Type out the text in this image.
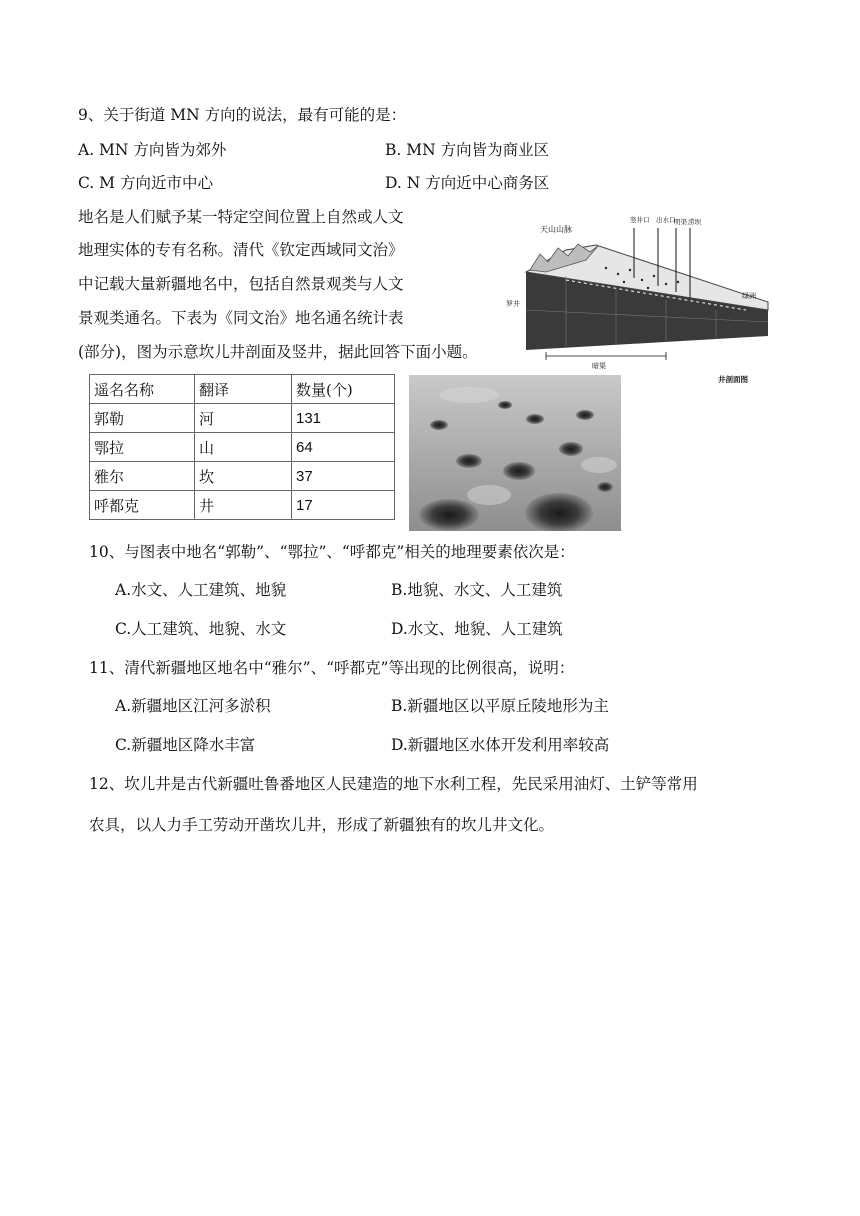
9、关于街道 MN 方向的说法，最有可能的是：
A. MN 方向皆为郊外	B. MN 方向皆为商业区
C. M 方向近市中心	D. N 方向近中心商务区
地名是人们赋予某一特定空间位置上自然或人文
地理实体的专有名称。清代《钦定西域同文治》
中记载大量新疆地名中，包括自然景观类与人文
景观类通名。下表为《同文治》地名通名统计表
(部分)，图为示意坎儿井剖面及竖井，据此回答下面小题。
天山山脉
竖井口 出水口
明渠 涝坝
绿洲
罗井
暗渠
井剖面图
遥名名称	翻译	数量(个)
郭勒	河	131
鄂拉	山	64
雅尔	坎	37
呼都克	井	17
10、与图表中地名“郭勒”、“鄂拉”、“呼都克”相关的地理要素依次是：
A.水文、人工建筑、地貌	B.地貌、水文、人工建筑
C.人工建筑、地貌、水文	D.水文、地貌、人工建筑
11、清代新疆地区地名中“雅尔”、“呼都克”等出现的比例很高，说明：
A.新疆地区江河多淤积	B.新疆地区以平原丘陵地形为主
C.新疆地区降水丰富	D.新疆地区水体开发利用率较高
12、坎儿井是古代新疆吐鲁番地区人民建造的地下水利工程，先民采用油灯、土铲等常用
农具，以人力手工劳动开凿坎儿井，形成了新疆独有的坎儿井文化。
